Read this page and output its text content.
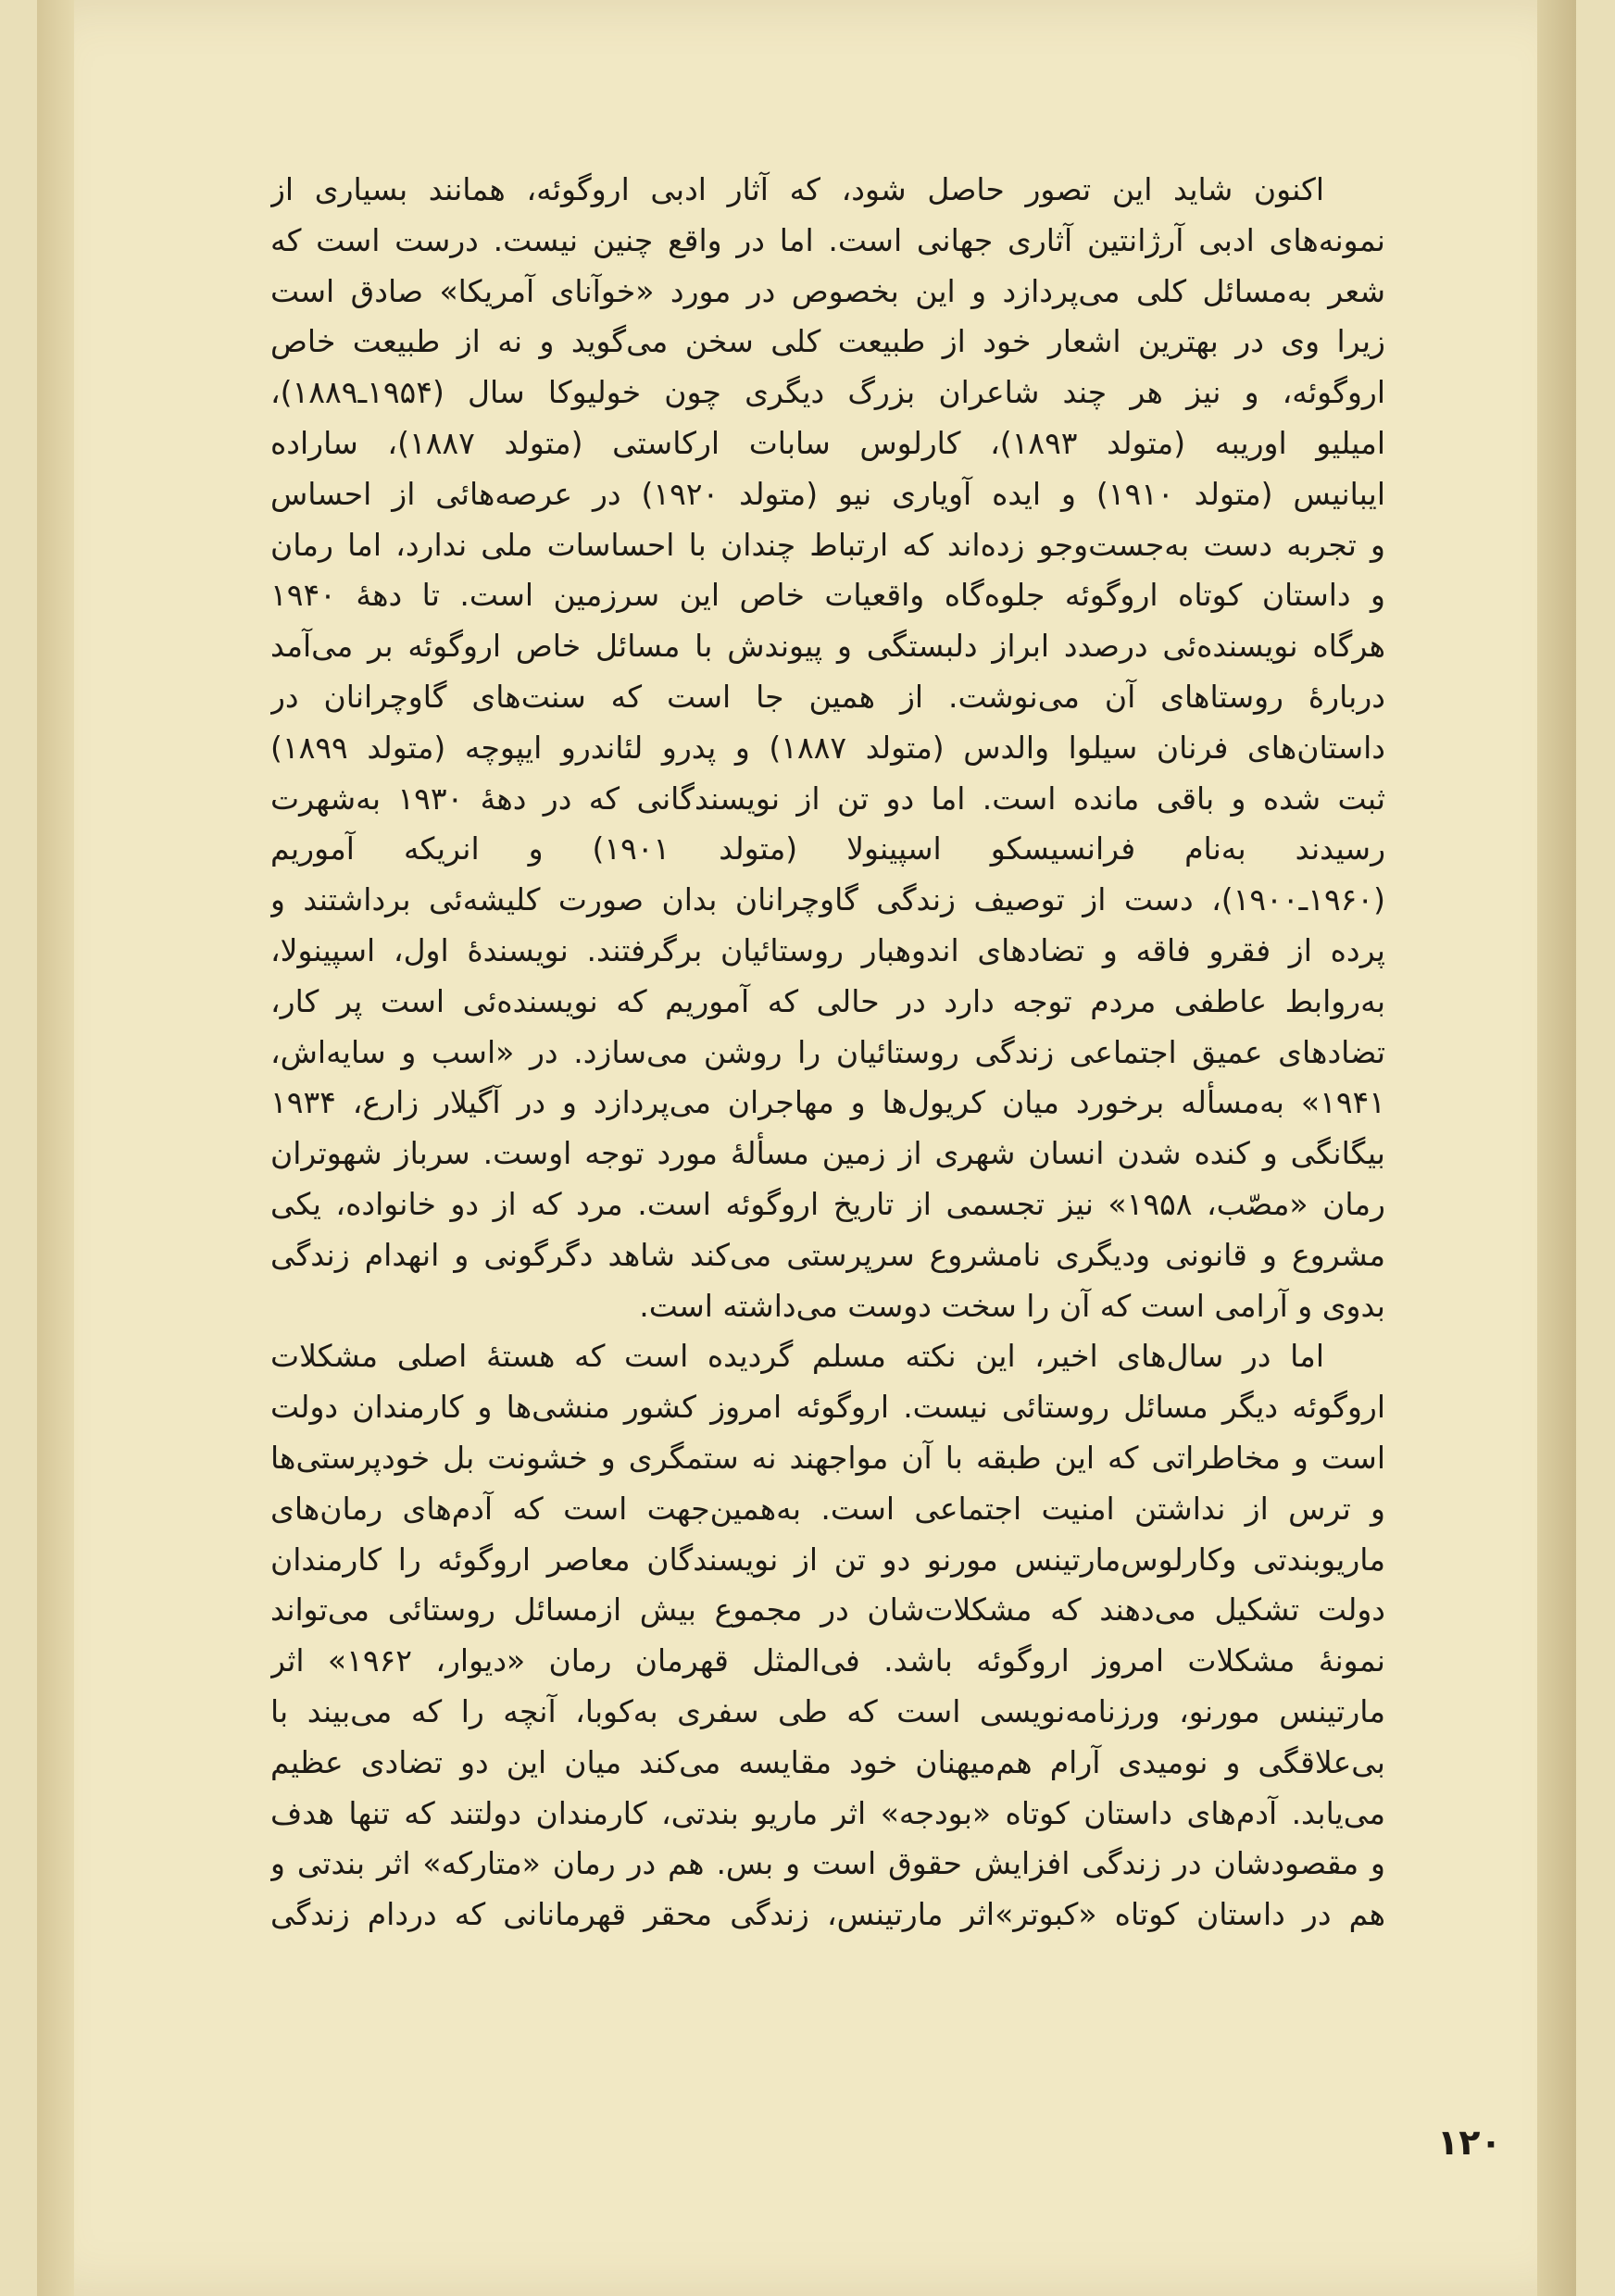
اکنون شاید این تصور حاصل شود، که آثار ادبی اروگوئه، همانند بسیاری از
نمونه‌های ادبی آرژانتین آثاری جهانی است. اما در واقع چنین نیست. درست است که
شعر به‌مسائل کلی می‌پردازد و این بخصوص در مورد «خوآنای آمریکا» صادق است
زیرا وی در بهترین اشعار خود از طبیعت کلی سخن می‌گوید و نه از طبیعت خاص
اروگوئه، و نیز هر چند شاعران بزرگ دیگری چون خولیوکا سال (۱۹۵۴ـ۱۸۸۹)،
امیلیو اوریبه (متولد ۱۸۹۳)، کارلوس سابات ارکاستی (متولد ۱۸۸۷)، ساراده
ایبانیس (متولد ۱۹۱۰) و ایده آویاری نیو (متولد ۱۹۲۰) در عرصه‌هائی از احساس
و تجربه دست به‌جست‌وجو زده‌اند که ارتباط چندان با احساسات ملی ندارد، اما رمان
و داستان کوتاه اروگوئه جلوه‌گاه واقعیات خاص این سرزمین است. تا دهۀ ۱۹۴۰
هرگاه نویسنده‌ئی درصدد ابراز دلبستگی و پیوندش با مسائل خاص اروگوئه بر می‌آمد
دربارۀ روستاهای آن می‌نوشت. از همین جا است که سنت‌های گاوچرانان در
داستان‌های فرنان سیلوا والدس (متولد ۱۸۸۷) و پدرو لئاندرو ایپوچه (متولد ۱۸۹۹)
ثبت شده و باقی مانده است. اما دو تن از نویسندگانی که در دهۀ ۱۹۳۰ به‌شهرت
رسیدند به‌نام فرانسیسکو اسپینولا (متولد ۱۹۰۱) و انریکه آموریم
(۱۹۶۰ـ۱۹۰۰)، دست از توصیف زندگی گاوچرانان بدان صورت کلیشه‌ئی برداشتند و
پرده از فقرو فاقه و تضادهای اندوهبار روستائیان برگرفتند. نویسندۀ اول، اسپینولا،
به‌روابط عاطفی مردم توجه دارد در حالی که آموریم که نویسنده‌ئی است پر کار،
تضادهای عمیق اجتماعی زندگی روستائیان را روشن می‌سازد. در «اسب و سایه‌اش،
۱۹۴۱» به‌مسأله برخورد میان کریول‌ها و مهاجران می‌پردازد و در آگیلار زارع، ۱۹۳۴
بیگانگی و کنده شدن انسان شهری از زمین مسألۀ مورد توجه اوست. سرباز شهوتران
رمان «مصّب، ۱۹۵۸» نیز تجسمی از تاریخ اروگوئه است. مرد که از دو خانواده، یکی
مشروع و قانونی ودیگری نامشروع سرپرستی می‌کند شاهد دگرگونی و انهدام زندگی
بدوی و آرامی است که آن را سخت دوست می‌داشته است.
اما در سال‌های اخیر، این نکته مسلم گردیده است که هستۀ اصلی مشکلات
اروگوئه دیگر مسائل روستائی نیست. اروگوئه امروز کشور منشی‌ها و کارمندان دولت
است و مخاطراتی که این طبقه با آن مواجهند نه ستمگری و خشونت بل خودپرستی‌ها
و ترس از نداشتن امنیت اجتماعی است. به‌همین‌جهت است که آدم‌های رمان‌های
ماریوبندتی وکارلوس‌مارتینس مورنو دو تن از نویسندگان معاصر اروگوئه را کارمندان
دولت تشکیل می‌دهند که مشکلات‌شان در مجموع بیش ازمسائل روستائی می‌تواند
نمونۀ مشکلات امروز اروگوئه باشد. فی‌المثل قهرمان رمان «دیوار، ۱۹۶۲» اثر
مارتینس مورنو، ورزنامه‌نویسی است که طی سفری به‌کوبا، آنچه را که می‌بیند با
بی‌علاقگی و نومیدی آرام هم‌میهنان خود مقایسه می‌کند میان این دو تضادی عظیم
می‌یابد. آدم‌های داستان کوتاه «بودجه» اثر ماریو بندتی، کارمندان دولتند که تنها هدف
و مقصودشان در زندگی افزایش حقوق است و بس. هم در رمان «متارکه» اثر بندتی و
هم در داستان کوتاه «کبوتر»اثر مارتینس، زندگی محقر قهرمانانی که دردام زندگی
۱۲۰
